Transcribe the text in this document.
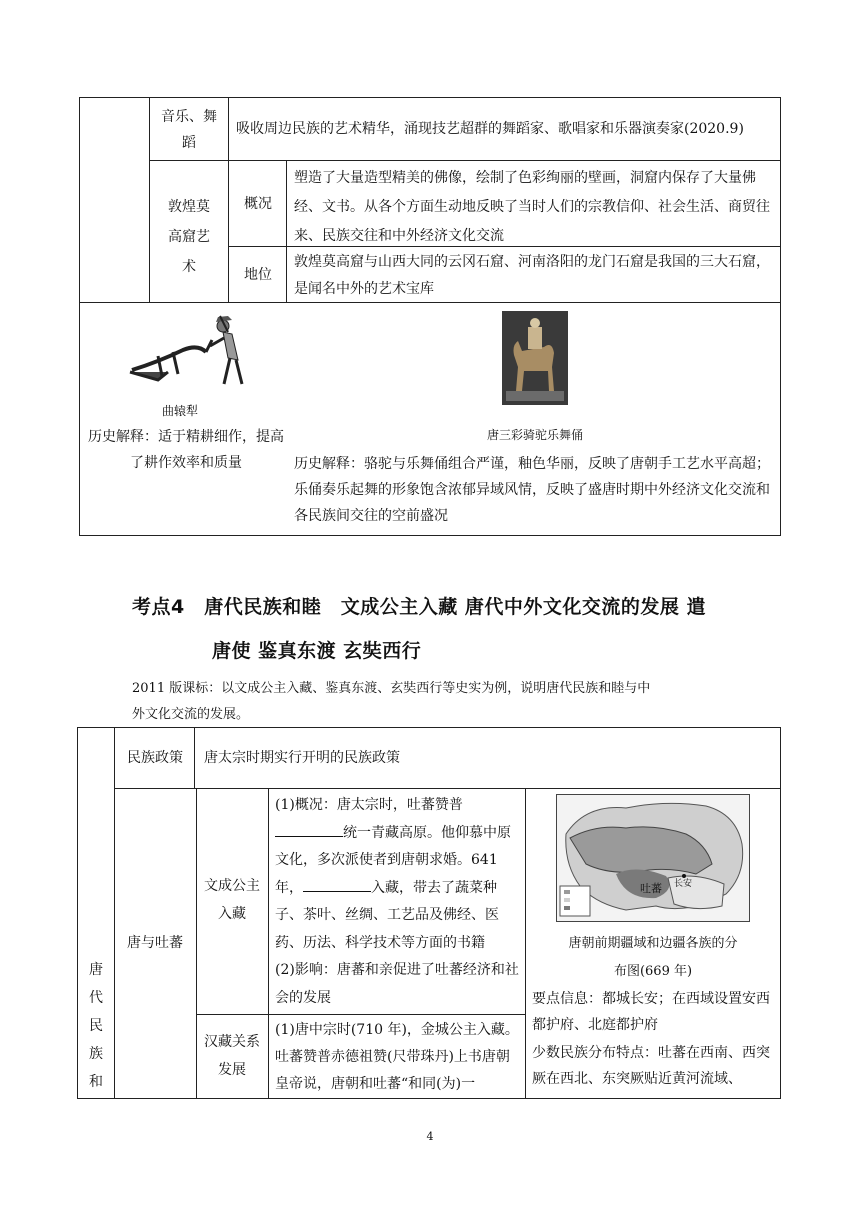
音乐、舞蹈
吸收周边民族的艺术精华，涌现技艺超群的舞蹈家、歌唱家和乐器演奏家(2020.9)
敦煌莫高窟艺术
概况
塑造了大量造型精美的佛像，绘制了色彩绚丽的壁画，洞窟内保存了大量佛经、文书。从各个方面生动地反映了当时人们的宗教信仰、社会生活、商贸往来、民族交往和中外经济文化交流
地位
敦煌莫高窟与山西大同的云冈石窟、河南洛阳的龙门石窟是我国的三大石窟，是闻名中外的艺术宝库
曲辕犁
历史解释：适于精耕细作，提高了耕作效率和质量
唐三彩骑驼乐舞俑
历史解释：骆驼与乐舞俑组合严谨，釉色华丽，反映了唐朝手工艺水平高超；乐俑奏乐起舞的形象饱含浓郁异域风情，反映了盛唐时期中外经济文化交流和各民族间交往的空前盛况
考点4　唐代民族和睦　文成公主入藏 唐代中外文化交流的发展 遣
唐使 鉴真东渡 玄奘西行
2011 版课标：以文成公主入藏、鉴真东渡、玄奘西行等史实为例，说明唐代民族和睦与中
外文化交流的发展。
唐
代
民
族
和
民族政策	唐太宗时期实行开明的民族政策
唐与吐蕃
文成公主入藏
(1)概况：唐太宗时，吐蕃赞普
统一青藏高原。他仰慕中原文化，多次派使者到唐朝求婚。641年，	入藏，带去了蔬菜种子、茶叶、丝绸、工艺品及佛经、医药、历法、科学技术等方面的书籍
(2)影响：唐蕃和亲促进了吐蕃经济和社会的发展
汉藏关系发展
(1)唐中宗时(710 年)，金城公主入藏。吐蕃赞普赤德祖赞(尺带珠丹)上书唐朝皇帝说，唐朝和吐蕃“和同(为)一
吐蕃 长安
唐朝前期疆域和边疆各族的分布图(669 年)
要点信息：都城长安；在西域设置安西都护府、北庭都护府
少数民族分布特点：吐蕃在西南、西突厥在西北、东突厥贴近黄河流域、
4
